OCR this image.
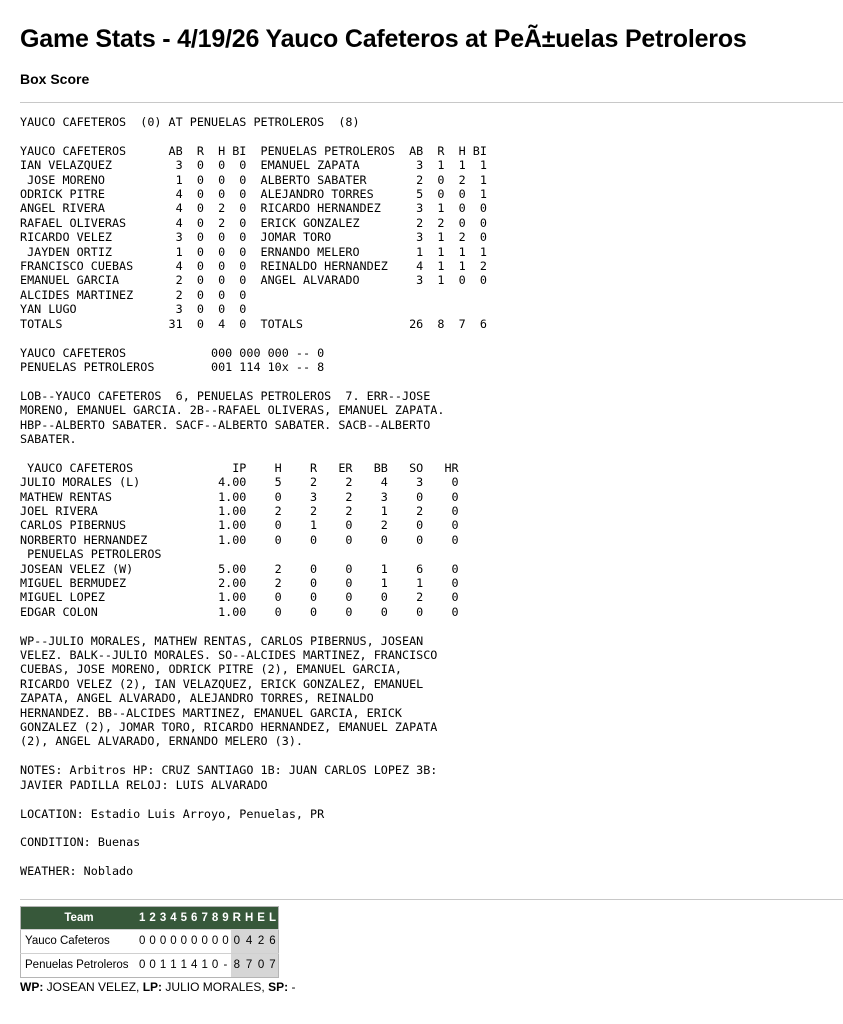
Game Stats - 4/19/26 Yauco Cafeteros at PeÃ±uelas Petroleros
Box Score
YAUCO CAFETEROS  (0) AT PENUELAS PETROLEROS  (8)

YAUCO CAFETEROS      AB  R  H BI  PENUELAS PETROLEROS  AB  R  H BI
IAN VELAZQUEZ         3  0  0  0  EMANUEL ZAPATA        3  1  1  1
JOSE MORENO          1  0  0  0  ALBERTO SABATER       2  0  2  1
ODRICK PITRE          4  0  0  0  ALEJANDRO TORRES      5  0  0  1
ANGEL RIVERA          4  0  2  0  RICARDO HERNANDEZ     3  1  0  0
RAFAEL OLIVERAS       4  0  2  0  ERICK GONZALEZ        2  2  0  0
RICARDO VELEZ         3  0  0  0  JOMAR TORO            3  1  2  0
JAYDEN ORTIZ         1  0  0  0  ERNANDO MELERO        1  1  1  1
FRANCISCO CUEBAS      4  0  0  0  REINALDO HERNANDEZ    4  1  1  2
EMANUEL GARCIA        2  0  0  0  ANGEL ALVARADO        3  1  0  0
ALCIDES MARTINEZ      2  0  0  0
YAN LUGO              3  0  0  0
TOTALS               31  0  4  0  TOTALS               26  8  7  6

YAUCO CAFETEROS            000 000 000 -- 0
PENUELAS PETROLEROS        001 114 10x -- 8

LOB--YAUCO CAFETEROS  6, PENUELAS PETROLEROS  7. ERR--JOSE
MORENO, EMANUEL GARCIA. 2B--RAFAEL OLIVERAS, EMANUEL ZAPATA.
HBP--ALBERTO SABATER. SACF--ALBERTO SABATER. SACB--ALBERTO
SABATER.

YAUCO CAFETEROS              IP    H    R   ER   BB   SO   HR
JULIO MORALES (L)           4.00    5    2    2    4    3    0
MATHEW RENTAS               1.00    0    3    2    3    0    0
JOEL RIVERA                 1.00    2    2    2    1    2    0
CARLOS PIBERNUS             1.00    0    1    0    2    0    0
NORBERTO HERNANDEZ          1.00    0    0    0    0    0    0
PENUELAS PETROLEROS
JOSEAN VELEZ (W)            5.00    2    0    0    1    6    0
MIGUEL BERMUDEZ             2.00    2    0    0    1    1    0
MIGUEL LOPEZ                1.00    0    0    0    0    2    0
EDGAR COLON                 1.00    0    0    0    0    0    0

WP--JULIO MORALES, MATHEW RENTAS, CARLOS PIBERNUS, JOSEAN
VELEZ. BALK--JULIO MORALES. SO--ALCIDES MARTINEZ, FRANCISCO
CUEBAS, JOSE MORENO, ODRICK PITRE (2), EMANUEL GARCIA,
RICARDO VELEZ (2), IAN VELAZQUEZ, ERICK GONZALEZ, EMANUEL
ZAPATA, ANGEL ALVARADO, ALEJANDRO TORRES, REINALDO
HERNANDEZ. BB--ALCIDES MARTINEZ, EMANUEL GARCIA, ERICK
GONZALEZ (2), JOMAR TORO, RICARDO HERNANDEZ, EMANUEL ZAPATA
(2), ANGEL ALVARADO, ERNANDO MELERO (3).

NOTES: Arbitros HP: CRUZ SANTIAGO 1B: JUAN CARLOS LOPEZ 3B:
JAVIER PADILLA RELOJ: LUIS ALVARADO

LOCATION: Estadio Luis Arroyo, Penuelas, PR

CONDITION: Buenas

WEATHER: Noblado
Team	1	2	3	4	5	6	7	8	9	R	H	E	L
Yauco Cafeteros	0	0	0	0	0	0	0	0	0	0	4	2	6
Penuelas Petroleros	0	0	1	1	1	4	1	0	-	8	7	0	7
WP: JOSEAN VELEZ, LP: JULIO MORALES, SP: -
